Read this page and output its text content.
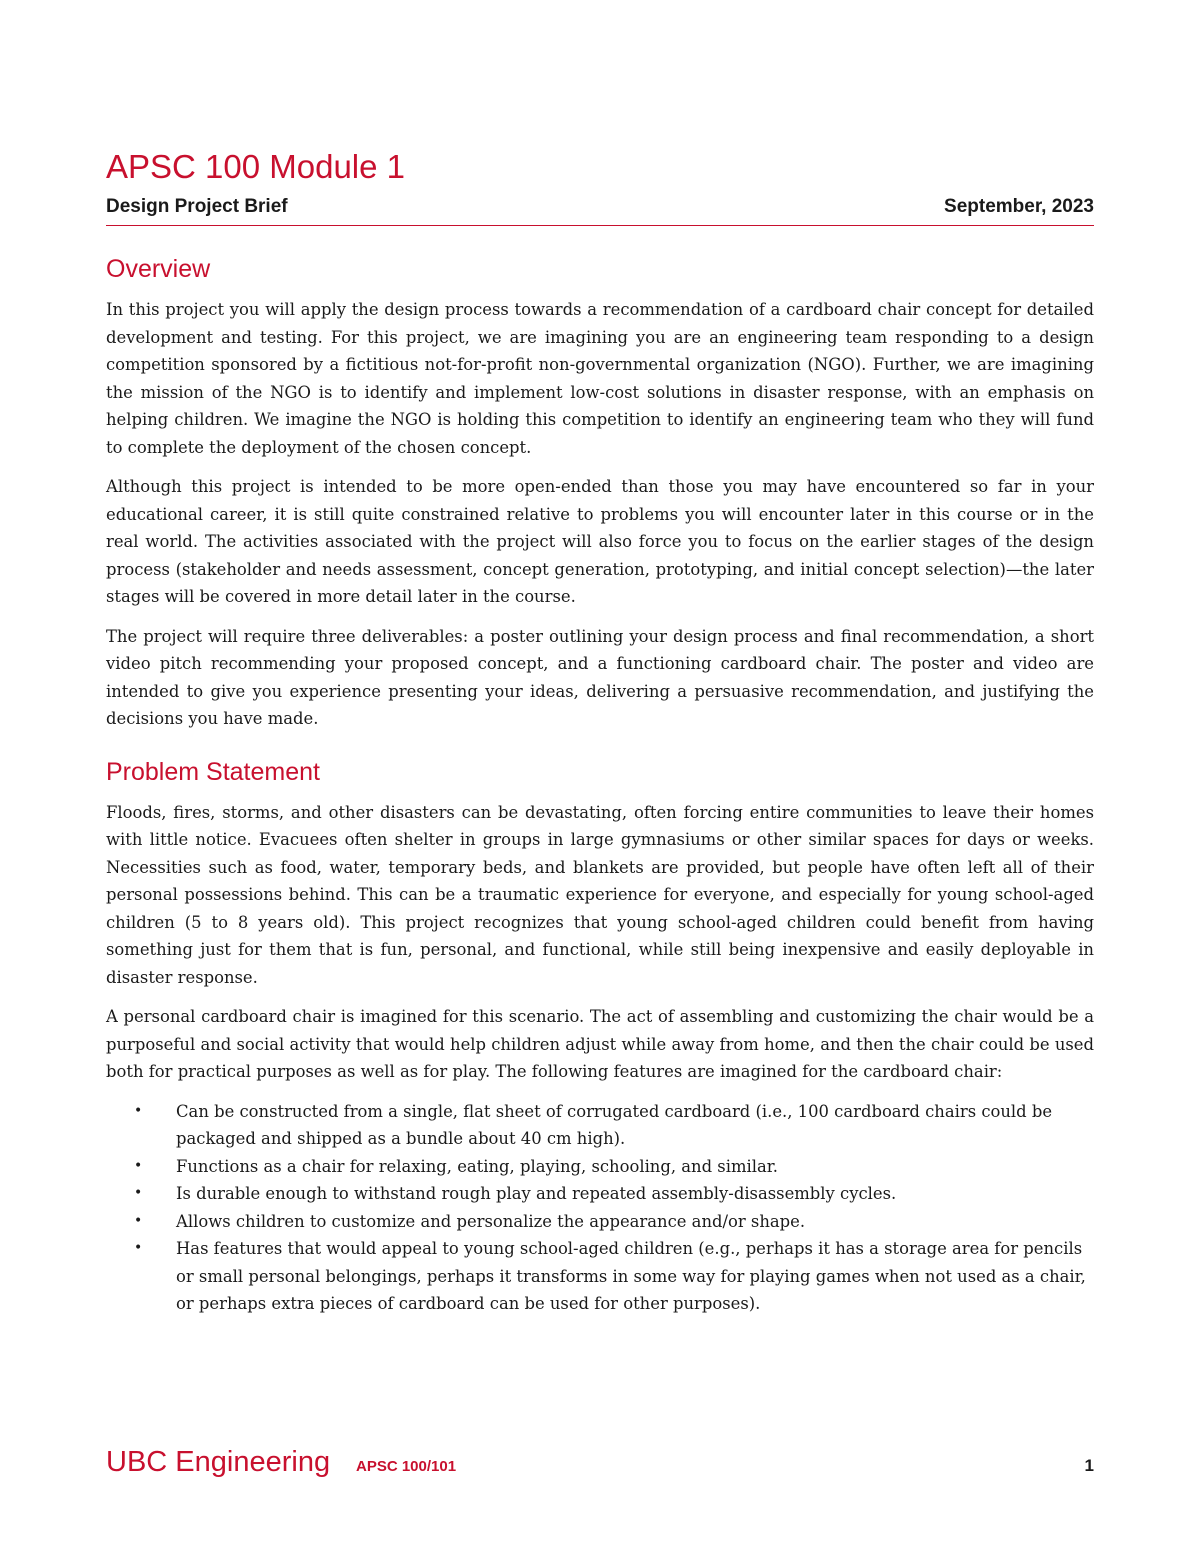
APSC 100 Module 1
Design Project Brief	September, 2023
Overview

In this project you will apply the design process towards a recommendation of a cardboard chair concept for detailed development and testing. For this project, we are imagining you are an engineering team responding to a design competition sponsored by a fictitious not-for-profit non-governmental organization (NGO). Further, we are imagining the mission of the NGO is to identify and implement low-cost solutions in disaster response, with an emphasis on helping children. We imagine the NGO is holding this competition to identify an engineering team who they will fund to complete the deployment of the chosen concept.

Although this project is intended to be more open-ended than those you may have encountered so far in your educational career, it is still quite constrained relative to problems you will encounter later in this course or in the real world. The activities associated with the project will also force you to focus on the earlier stages of the design process (stakeholder and needs assessment, concept generation, prototyping, and initial concept selection)—the later stages will be covered in more detail later in the course.

The project will require three deliverables: a poster outlining your design process and final recommendation, a short video pitch recommending your proposed concept, and a functioning cardboard chair. The poster and video are intended to give you experience presenting your ideas, delivering a persuasive recommendation, and justifying the decisions you have made.

Problem Statement

Floods, fires, storms, and other disasters can be devastating, often forcing entire communities to leave their homes with little notice. Evacuees often shelter in groups in large gymnasiums or other similar spaces for days or weeks. Necessities such as food, water, temporary beds, and blankets are provided, but people have often left all of their personal possessions behind. This can be a traumatic experience for everyone, and especially for young school-aged children (5 to 8 years old). This project recognizes that young school-aged children could benefit from having something just for them that is fun, personal, and functional, while still being inexpensive and easily deployable in disaster response.

A personal cardboard chair is imagined for this scenario. The act of assembling and customizing the chair would be a purposeful and social activity that would help children adjust while away from home, and then the chair could be used both for practical purposes as well as for play. The following features are imagined for the cardboard chair:

• Can be constructed from a single, flat sheet of corrugated cardboard (i.e., 100 cardboard chairs could be packaged and shipped as a bundle about 40 cm high).
• Functions as a chair for relaxing, eating, playing, schooling, and similar.
• Is durable enough to withstand rough play and repeated assembly-disassembly cycles.
• Allows children to customize and personalize the appearance and/or shape.
• Has features that would appeal to young school-aged children (e.g., perhaps it has a storage area for pencils or small personal belongings, perhaps it transforms in some way for playing games when not used as a chair, or perhaps extra pieces of cardboard can be used for other purposes).
UBC Engineering APSC 100/101	1
